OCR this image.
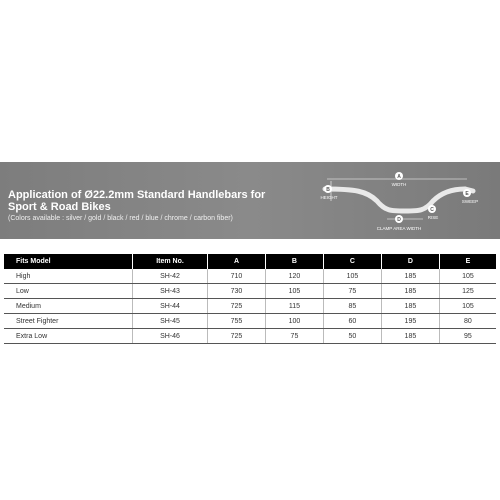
Application of Ø22.2mm Standard Handlebars for
Sport & Road Bikes
(Colors available : silver / gold / black / red / blue / chrome / carbon fiber)
A
WIDTH
B
HEIGHT
C
RISE
D
CLAMP AREA WIDTH
E
SWEEP
Fits Model	Item No.	A	B	C	D	E
High	SH-42	710	120	105	185	105
Low	SH-43	730	105	75	185	125
Medium	SH-44	725	115	85	185	105
Street Fighter	SH-45	755	100	60	195	80
Extra Low	SH-46	725	75	50	185	95
